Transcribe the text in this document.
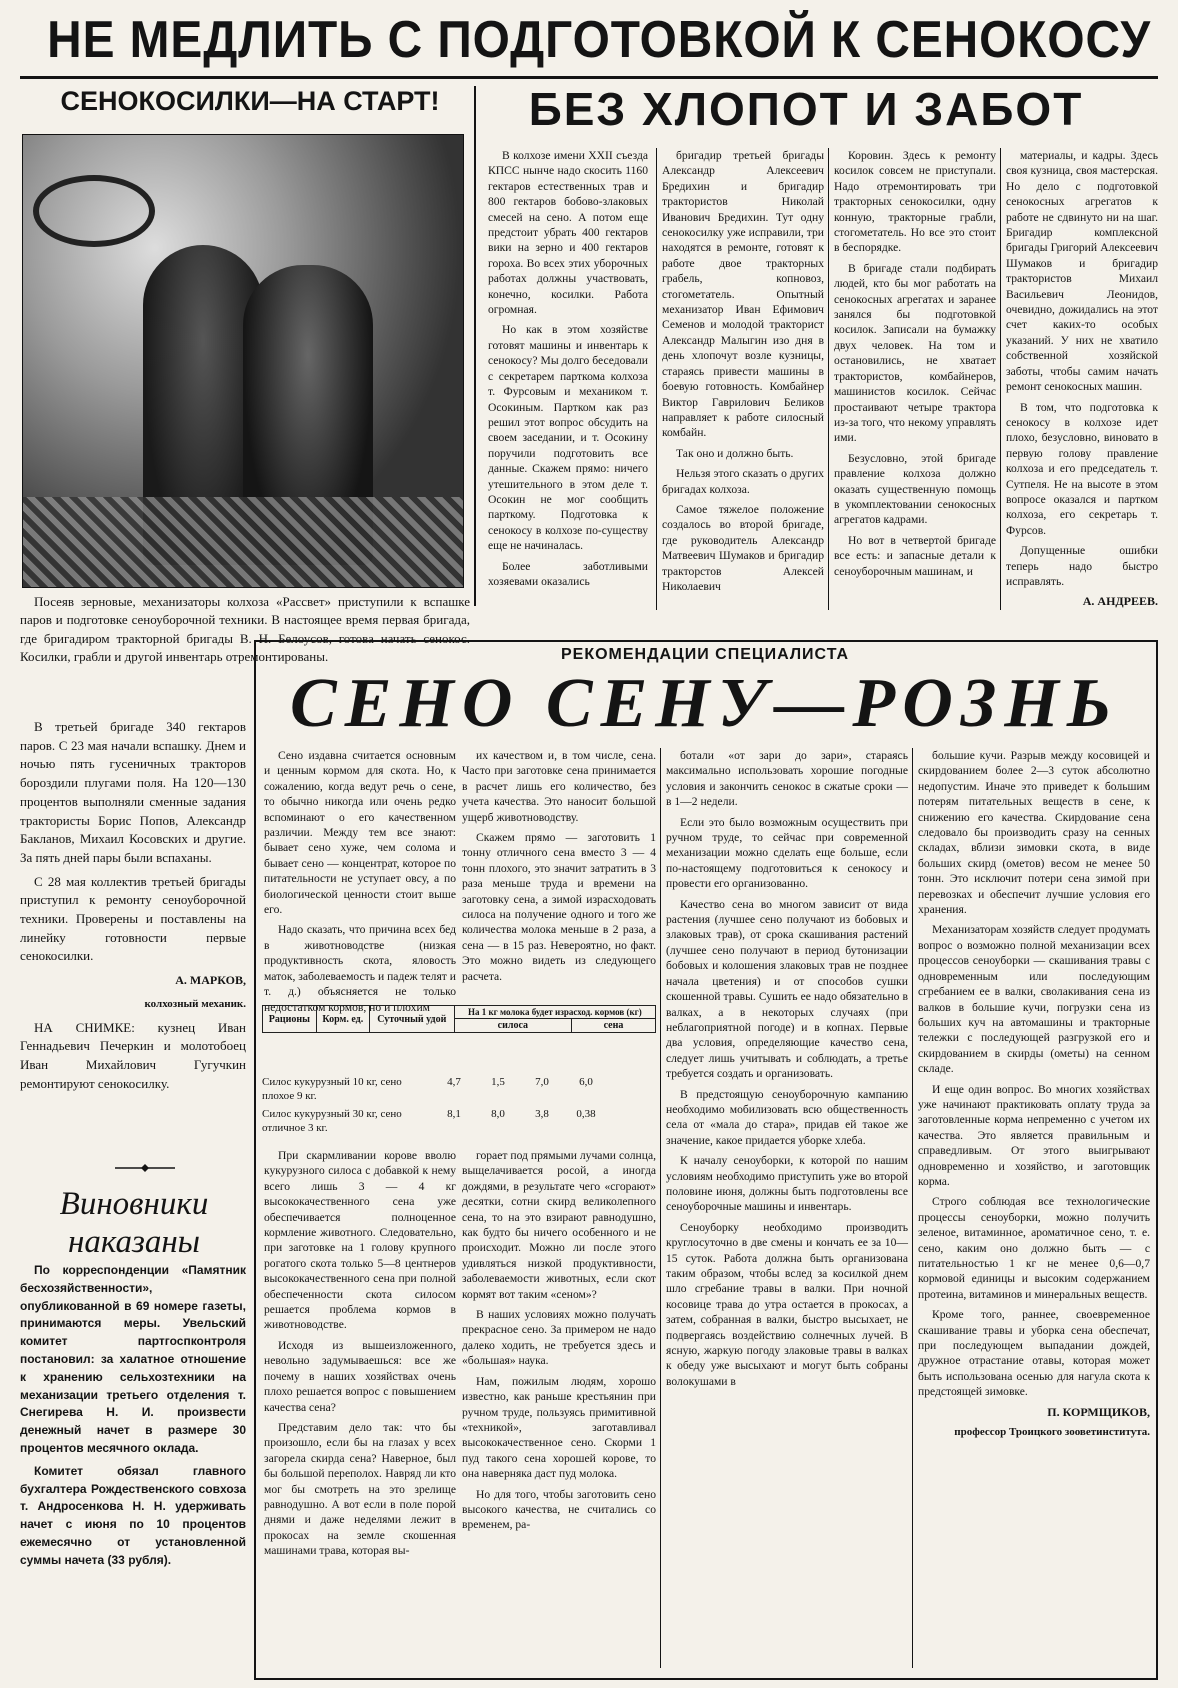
НЕ МЕДЛИТЬ С ПОДГОТОВКОЙ К СЕНОКОСУ
СЕНОКОСИЛКИ—НА СТАРТ!

Посеяв зерновые, механизаторы колхоза «Рассвет» приступили к вспашке паров и подготовке сеноуборочной техники. В настоящее время первая бригада, где бригадиром тракторной бригады В. Н. Белоусов, готова начать сенокос. Косилки, грабли и другой инвентарь отремонтированы.

В третьей бригаде 340 гектаров паров. С 23 мая начали вспашку. Днем и ночью пять гусеничных тракторов бороздили плугами поля. На 120—130 процентов выполняли сменные задания трактористы Борис Попов, Александр Бакланов, Михаил Косовских и другие. За пять дней пары были вспаханы.

С 28 мая коллектив третьей бригады приступил к ремонту сеноуборочной техники. Проверены и поставлены на линейку готовности первые сенокосилки.

А. МАРКОВ,

колхозный механик.

НА СНИМКЕ: кузнец Иван Геннадьевич Печеркин и молотобоец Иван Михайлович Гугучкин ремонтируют сенокосилку.

Виновники наказаны

По корреспонденции «Памятник бесхозяйственности», опубликованной в 69 номере газеты, принимаются меры. Увельский комитет партгоспконтроля постановил: за халатное отношение к хранению сельхозтехники на механизации третьего отделения т. Снегирева Н. И. произвести денежный начет в размере 30 процентов месячного оклада.

Комитет обязал главного бухгалтера Рождественского совхоза т. Андросенкова Н. Н. удерживать начет с июня по 10 процентов ежемесячно от установленной суммы начета (33 рубля).

БЕЗ ХЛОПОТ И ЗАБОТ

В колхозе имени XXII съезда КПСС нынче надо скосить 1160 гектаров естественных трав и 800 гектаров бобово-злаковых смесей на сено. А потом еще предстоит убрать 400 гектаров вики на зерно и 400 гектаров гороха. Во всех этих уборочных работах должны участвовать, конечно, косилки. Работа огромная.

Но как в этом хозяйстве готовят машины и инвентарь к сенокосу? Мы долго беседовали с секретарем парткома колхоза т. Фурсовым и механиком т. Осокиным. Партком как раз решил этот вопрос обсудить на своем заседании, и т. Осокину поручили подготовить все данные. Скажем прямо: ничего утешительного в этом деле т. Осокин не мог сообщить парткому. Подготовка к сенокосу в колхозе по-существу еще не начиналась.

Более заботливыми хозяевами оказались

бригадир третьей бригады Александр Алексеевич Бредихин и бригадир трактористов Николай Иванович Бредихин. Тут одну сенокосилку уже исправили, три находятся в ремонте, готовят к работе двое тракторных грабель, копновоз, стогометатель. Опытный механизатор Иван Ефимович Семенов и молодой тракторист Александр Малыгин изо дня в день хлопочут возле кузницы, стараясь привести машины в боевую готовность. Комбайнер Виктор Гаврилович Беликов направляет к работе силосный комбайн.

Так оно и должно быть.

Нельзя этого сказать о других бригадах колхоза.

Самое тяжелое положение создалось во второй бригаде, где руководитель Александр Матвеевич Шумаков и бригадир тракторстов Алексей Николаевич

Коровин. Здесь к ремонту косилок совсем не приступали. Надо отремонтировать три тракторных сенокосилки, одну конную, тракторные грабли, стогометатель. Но все это стоит в беспорядке.

В бригаде стали подбирать людей, кто бы мог работать на сенокосных агрегатах и заранее занялся бы подготовкой косилок. Записали на бумажку двух человек. На том и остановились, не хватает трактористов, комбайнеров, машинистов косилок. Сейчас простаивают четыре трактора из-за того, что некому управлять ими.

Безусловно, этой бригаде правление колхоза должно оказать существенную помощь в укомплектовании сенокосных агрегатов кадрами.

Но вот в четвертой бригаде все есть: и запасные детали к сеноуборочным машинам, и

материалы, и кадры. Здесь своя кузница, своя мастерская. Но дело с подготовкой сенокосных агрегатов к работе не сдвинуто ни на шаг. Бригадир комплексной бригады Григорий Алексеевич Шумаков и бригадир трактористов Михаил Васильевич Леонидов, очевидно, дожидались на этот счет каких-то особых указаний. У них не хватило собственной хозяйской заботы, чтобы самим начать ремонт сенокосных машин.

В том, что подготовка к сенокосу в колхозе идет плохо, безусловно, виновато в первую голову правление колхоза и его председатель т. Сутпеля. Не на высоте в этом вопросе оказался и партком колхоза, его секретарь т. Фурсов.

Допущенные ошибки теперь надо быстро исправлять.

А. АНДРЕЕВ.

РЕКОМЕНДАЦИИ СПЕЦИАЛИСТА
СЕНО СЕНУ—РОЗНЬ

Сено издавна считается основным и ценным кормом для скота. Но, к сожалению, когда ведут речь о сене, то обычно никогда или очень редко вспоминают о его качественном различии. Между тем все знают: бывает сено хуже, чем солома и бывает сено — концентрат, которое по питательности не уступает овсу, а по биологической ценности стоит выше его.

Надо сказать, что причина всех бед в животноводстве (низкая продуктивность скота, яловость маток, заболеваемость и падеж телят и т. д.) объясняется не только недостатком кормов, но и плохим

их качеством и, в том числе, сена. Часто при заготовке сена принимается в расчет лишь его количество, без учета качества. Это наносит большой ущерб животноводству.

Скажем прямо — заготовить 1 тонну отличного сена вместо 3 — 4 тонн плохого, это значит затратить в 3 раза меньше труда и времени на заготовку сена, а зимой израсходовать силоса на получение одного и того же количества молока меньше в 2 раза, а сена — в 15 раз. Невероятно, но факт. Это можно видеть из следующего расчета.

Рационы	Корм. ед.	Суточный удой	На 1 кг молока будет израсход. кормов (кг)	
			силоса	сена
Силос кукурузный 10 кг, сено плохое 9 кг.
4,7	1,5	7,0	6,0
Силос кукурузный 30 кг, сено отличное 3 кг.
8,1	8,0	3,8	0,38

При скармливании корове вволю кукурузного силоса с добавкой к нему всего лишь 3 — 4 кг высококачественного сена уже обеспечивается полноценное кормление животного. Следовательно, при заготовке на 1 голову крупного рогатого скота только 5—8 центнеров высококачественного сена при полной обеспеченности скота силосом решается проблема кормов в животноводстве.

Исходя из вышеизложенного, невольно задумываешься: все же почему в наших хозяйствах очень плохо решается вопрос с повышением качества сена?

Представим дело так: что бы произошло, если бы на глазах у всех загорела скирда сена? Наверное, был бы большой переполох. Навряд ли кто мог бы смотреть на это зрелище равнодушно. А вот если в поле порой днями и даже неделями лежит в прокосах на земле скошенная машинами трава, которая вы-

горает под прямыми лучами солнца, выщелачивается росой, а иногда дождями, в результате чего «сгорают» десятки, сотни скирд великолепного сена, то на это взирают равнодушно, как будто бы ничего особенного и не происходит. Можно ли после этого удивляться низкой продуктивности, заболеваемости животных, если скот кормят вот таким «сеном»?

В наших условиях можно получать прекрасное сено. За примером не надо далеко ходить, не требуется здесь и «большая» наука.

Нам, пожилым людям, хорошо известно, как раньше крестьянин при ручном труде, пользуясь примитивной «техникой», заготавливал высококачественное сено. Скорми 1 пуд такого сена хорошей корове, то она наверняка даст пуд молока.

Но для того, чтобы заготовить сено высокого качества, не считались со временем, ра-

ботали «от зари до зари», стараясь максимально использовать хорошие погодные условия и закончить сенокос в сжатые сроки — в 1—2 недели.

Если это было возможным осуществить при ручном труде, то сейчас при современной механизации можно сделать еще больше, если по-настоящему подготовиться к сенокосу и провести его организованно.

Качество сена во многом зависит от вида растения (лучшее сено получают из бобовых и злаковых трав), от срока скашивания растений (лучшее сено получают в период бутонизации бобовых и колошения злаковых трав не позднее начала цветения) и от способов сушки скошенной травы. Сушить ее надо обязательно в валках, а в некоторых случаях (при неблагоприятной погоде) и в копнах. Первые два условия, определяющие качество сена, следует лишь учитывать и соблюдать, а третье требуется создать и организовать.

В предстоящую сеноуборочную кампанию необходимо мобилизовать всю общественность села от «мала до стара», придав ей такое же значение, какое придается уборке хлеба.

К началу сеноуборки, к которой по нашим условиям необходимо приступить уже во второй половине июня, должны быть подготовлены все сеноуборочные машины и инвентарь.

Сеноуборку необходимо производить круглосуточно в две смены и кончать ее за 10—15 суток. Работа должна быть организована таким образом, чтобы вслед за косилкой днем шло сгребание травы в валки. При ночной косовице трава до утра остается в прокосах, а затем, собранная в валки, быстро высыхает, не подвергаясь воздействию солнечных лучей. В ясную, жаркую погоду злаковые травы в валках к обеду уже высыхают и могут быть собраны волокушами в

большие кучи. Разрыв между косовицей и скирдованием более 2—3 суток абсолютно недопустим. Иначе это приведет к большим потерям питательных веществ в сене, к снижению его качества. Скирдование сена следовало бы производить сразу на сенных складах, вблизи зимовки скота, в виде больших скирд (ометов) весом не менее 50 тонн. Это исключит потери сена зимой при перевозках и обеспечит лучшие условия его хранения.

Механизаторам хозяйств следует продумать вопрос о возможно полной механизации всех процессов сеноуборки — скашивания травы с одновременным или последующим сгребанием ее в валки, сволакивания сена из валков в большие кучи, погрузки сена из больших куч на автомашины и тракторные тележки с последующей разгрузкой его и скирдованием в скирды (ометы) на сенном складе.

И еще один вопрос. Во многих хозяйствах уже начинают практиковать оплату труда за заготовленные корма непременно с учетом их качества. Это является правильным и справедливым. От этого выигрывают одновременно и хозяйство, и заготовщик корма.

Строго соблюдая все технологические процессы сеноуборки, можно получить зеленое, витаминное, ароматичное сено, т. е. сено, каким оно должно быть — с питательностью 1 кг не менее 0,6—0,7 кормовой единицы и высоким содержанием протеина, витаминов и минеральных веществ.

Кроме того, раннее, своевременное скашивание травы и уборка сена обеспечат, при последующем выпадании дождей, дружное отрастание отавы, которая может быть использована осенью для нагула скота к предстоящей зимовке.

П. КОРМЩИКОВ,

профессор Троицкого зооветинститута.
